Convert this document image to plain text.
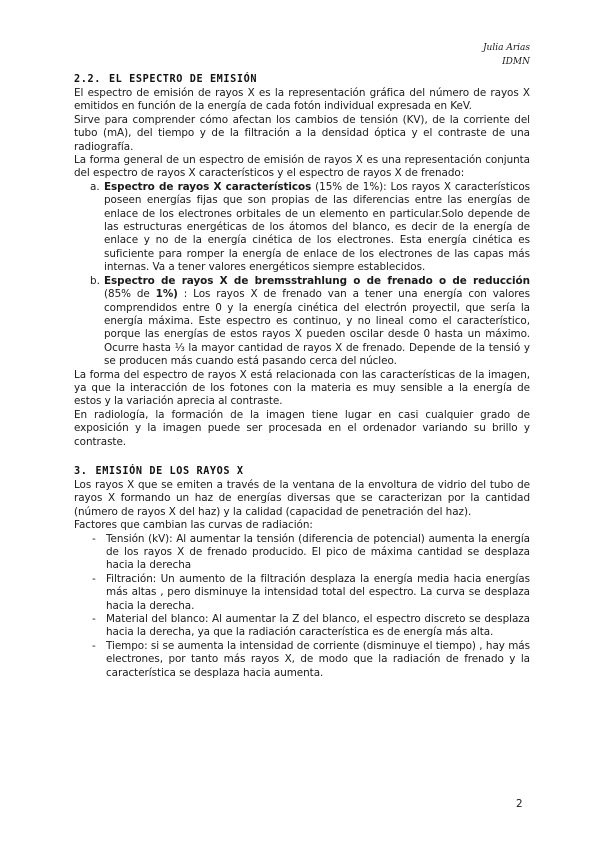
Julia Arias
IDMN
2.2. EL ESPECTRO DE EMISIÓN

El espectro de emisión de rayos X es la representación gráfica del número de rayos X emitidos en función de la energía de cada fotón individual expresada en KeV.

Sirve para comprender cómo afectan los cambios de tensión (KV), de la corriente del tubo (mA), del tiempo y de la filtración a la densidad óptica y el contraste de una radiografía.

La forma general de un espectro de emisión de rayos X es una representación conjunta del espectro de rayos X característicos y el espectro de rayos X de frenado:

a. Espectro de rayos X característicos (15% de 1%): Los rayos X característicos poseen energías fijas que son propias de las diferencias entre las energías de enlace de los electrones orbitales de un elemento en particular.Solo depende de las estructuras energéticas de los átomos del blanco, es decir de la energía de enlace y no de la energía cinética de los electrones. Esta energía cinética es suficiente para romper la energía de enlace de los electrones de las capas más internas. Va a tener valores energéticos siempre establecidos.

b. Espectro de rayos X de bremsstrahlung o de frenado o de reducción (85% de 1%) : Los rayos X de frenado van a tener una energía con valores comprendidos entre 0 y la energía cinética del electrón proyectil, que sería la energía máxima. Este espectro es continuo, y no lineal como el característico, porque las energías de estos rayos X pueden oscilar desde 0 hasta un máximo. Ocurre hasta ⅓ la mayor cantidad de rayos X de frenado. Depende de la tensió y se producen más cuando está pasando cerca del núcleo.

La forma del espectro de rayos X está relacionada con las características de la imagen, ya que la interacción de los fotones con la materia es muy sensible a la energía de estos y la variación aprecia al contraste.

En radiología, la formación de la imagen tiene lugar en casi cualquier grado de exposición y la imagen puede ser procesada en el ordenador variando su brillo y contraste.

3. EMISIÓN DE LOS RAYOS X

Los rayos X que se emiten a través de la ventana de la envoltura de vidrio del tubo de rayos X formando un haz de energías diversas que se caracterizan por la cantidad (número de rayos X del haz) y la calidad (capacidad de penetración del haz).

Factores que cambian las curvas de radiación:

- Tensión (kV): Al aumentar la tensión (diferencia de potencial) aumenta la energía de los rayos X de frenado producido. El pico de máxima cantidad se desplaza hacia la derecha

- Filtración: Un aumento de la filtración desplaza la energía media hacia energías más altas , pero disminuye la intensidad total del espectro. La curva se desplaza hacia la derecha.

- Material del blanco: Al aumentar la Z del blanco, el espectro discreto se desplaza hacia la derecha, ya que la radiación característica es de energía más alta.

- Tiempo: si se aumenta la intensidad de corriente (disminuye el tiempo) , hay más electrones, por tanto más rayos X, de modo que la radiación de frenado y la característica se desplaza hacia aumenta.

2
